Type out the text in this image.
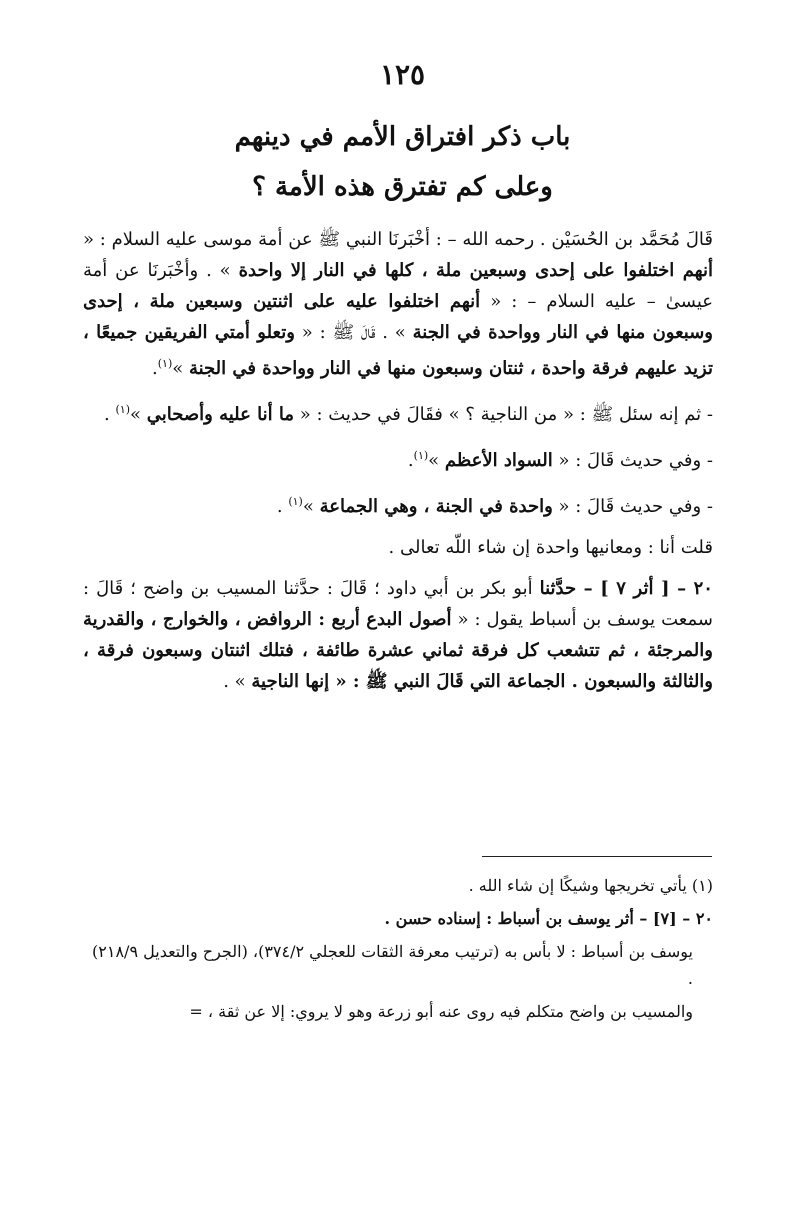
١٢٥
باب ذكر افتراق الأمم في دينهم
وعلى كم تفترق هذه الأمة ؟

قَالَ مُحَمَّد بن الحُسَيْن . رحمه الله – : أخْبَرنَا النبي ﷺ عن أمة موسى عليه السلام : « أنهم اختلفوا على إحدى وسبعين ملة ، كلها في النار إلا واحدة » . وأخْبَرنَا عن أمة عيسىٰ – عليه السلام – : « أنهم اختلفوا عليه على اثنتين وسبعين ملة ، إحدى وسبعون منها في النار وواحدة في الجنة » . قَالَ ﷺ : « وتعلو أمتي الفريقين جميعًا ، تزيد عليهم فرقة واحدة ، ثنتان وسبعون منها في النار وواحدة في الجنة »$^{(١)}$.

- ثم إنه سئل ﷺ : « من الناجية ؟ » فقَالَ في حديث : « ما أنا عليه وأصحابي »$^{(١)}$ .

- وفي حديث قَالَ : « السواد الأعظم »$^{(١)}$.

- وفي حديث قَالَ : « واحدة في الجنة ، وهي الجماعة »$^{(١)}$ .

قلت أنا : ومعانيها واحدة إن شاء اللّه تعالى .

٢٠ – [ أثر ٧ ] – حدَّثنا أبو بكر بن أبي داود ؛ قَالَ : حدَّثنا المسيب بن واضح ؛ قَالَ : سمعت يوسف بن أسباط يقول : « أصول البدع أربع : الروافض ، والخوارج ، والقدرية والمرجئة ، ثم تتشعب كل فرقة ثماني عشرة طائفة ، فتلك اثنتان وسبعون فرقة ، والثالثة والسبعون . الجماعة التي قَالَ النبي ﷺ : « إنها الناجية » .

(١) يأتي تخريجها وشيكًا إن شاء الله .

٢٠ – [٧] – أثر يوسف بن أسباط : إسناده حسن .

يوسف بن أسباط : لا بأس به (ترتيب معرفة الثقات للعجلي ٣٧٤/٢)، (الجرح والتعديل ٢١٨/٩) .

والمسيب بن واضح متكلم فيه روى عنه أبو زرعة وهو لا يروي: إلا عن ثقة ، =
